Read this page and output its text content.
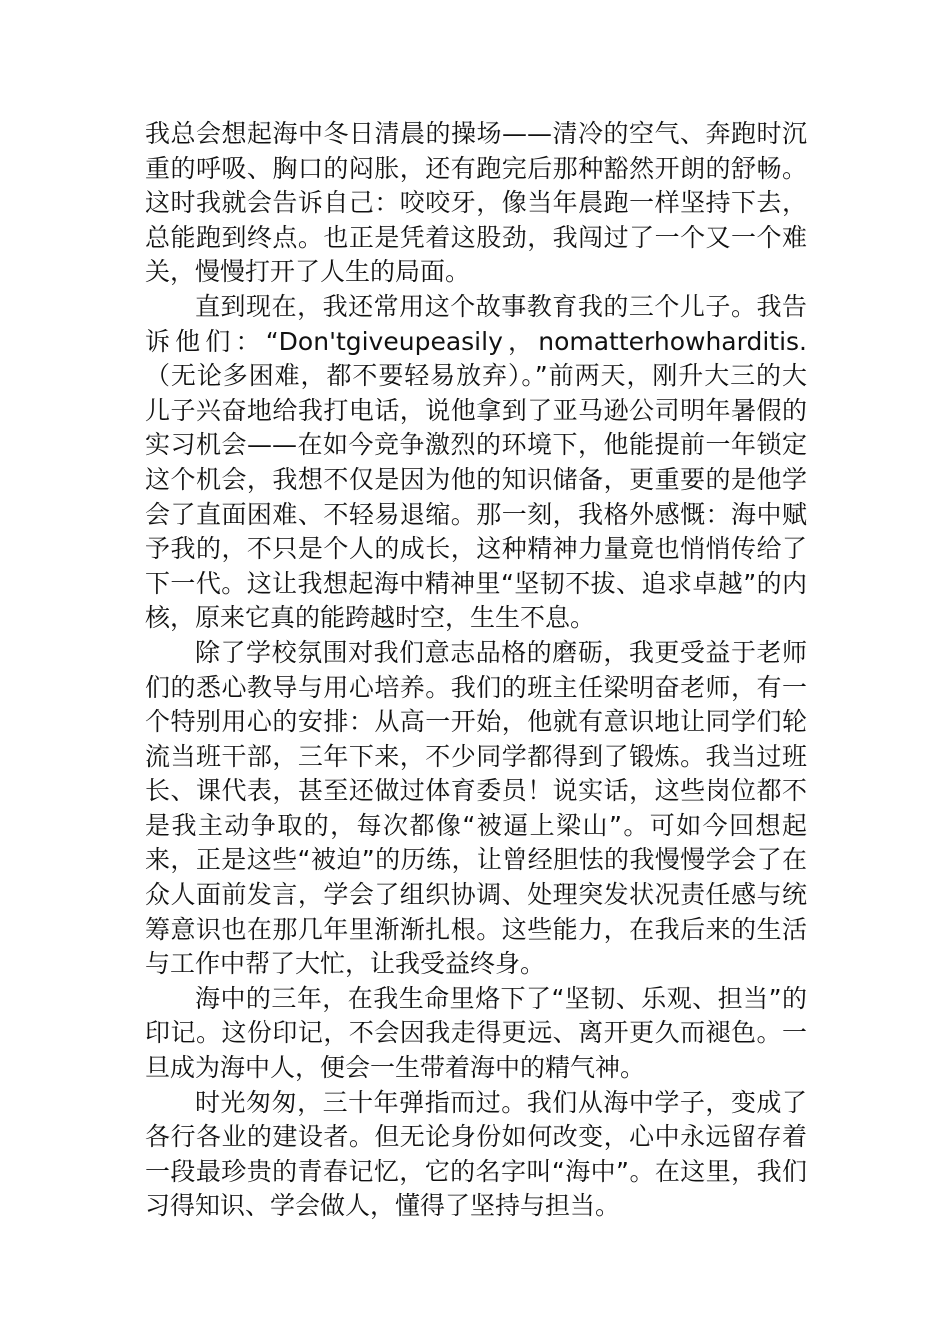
我总会想起海中冬日清晨的操场——清冷的空气、奔跑时沉重的呼吸、胸口的闷胀，还有跑完后那种豁然开朗的舒畅。这时我就会告诉自己：咬咬牙，像当年晨跑一样坚持下去，总能跑到终点。也正是凭着这股劲，我闯过了一个又一个难关，慢慢打开了人生的局面。

直到现在，我还常用这个故事教育我的三个儿子。我告诉他们：“Don'tgiveupeasily，nomatterhowharditis.（无论多困难，都不要轻易放弃）。”前两天，刚升大三的大儿子兴奋地给我打电话，说他拿到了亚马逊公司明年暑假的实习机会——在如今竞争激烈的环境下，他能提前一年锁定这个机会，我想不仅是因为他的知识储备，更重要的是他学会了直面困难、不轻易退缩。那一刻，我格外感慨：海中赋予我的，不只是个人的成长，这种精神力量竟也悄悄传给了下一代。这让我想起海中精神里“坚韧不拔、追求卓越”的内核，原来它真的能跨越时空，生生不息。

除了学校氛围对我们意志品格的磨砺，我更受益于老师们的悉心教导与用心培养。我们的班主任梁明奋老师，有一个特别用心的安排：从高一开始，他就有意识地让同学们轮流当班干部，三年下来，不少同学都得到了锻炼。我当过班长、课代表，甚至还做过体育委员！说实话，这些岗位都不是我主动争取的，每次都像“被逼上梁山”。可如今回想起来，正是这些“被迫”的历练，让曾经胆怯的我慢慢学会了在众人面前发言，学会了组织协调、处理突发状况责任感与统筹意识也在那几年里渐渐扎根。这些能力，在我后来的生活与工作中帮了大忙，让我受益终身。

海中的三年，在我生命里烙下了“坚韧、乐观、担当”的印记。这份印记，不会因我走得更远、离开更久而褪色。一旦成为海中人，便会一生带着海中的精气神。

时光匆匆，三十年弹指而过。我们从海中学子，变成了各行各业的建设者。但无论身份如何改变，心中永远留存着一段最珍贵的青春记忆，它的名字叫“海中”。在这里，我们习得知识、学会做人，懂得了坚持与担当。
